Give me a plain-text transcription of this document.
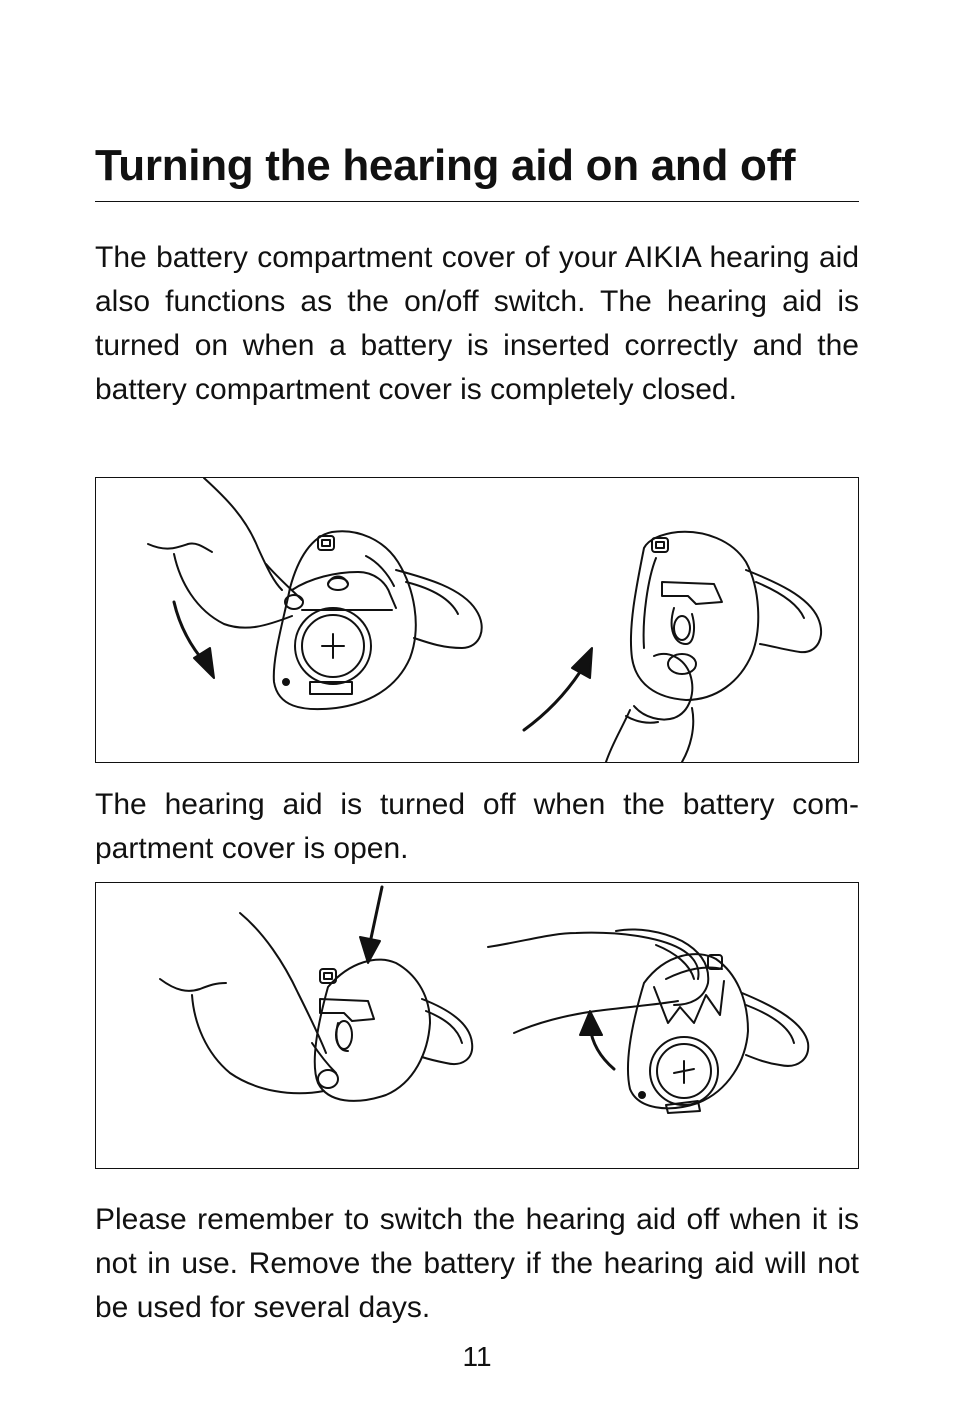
Turning the hearing aid on and off
The battery compartment cover of your AIKIA hearing aid also functions as the on/off switch. The hearing aid is turned on when a battery is inserted correctly and the battery compartment cover is completely closed.
The hearing aid is turned off when the battery compartment cover is open.
Please remember to switch the hearing aid off when it is not in use. Remove the battery if the hearing aid will not be used for several days.
11
